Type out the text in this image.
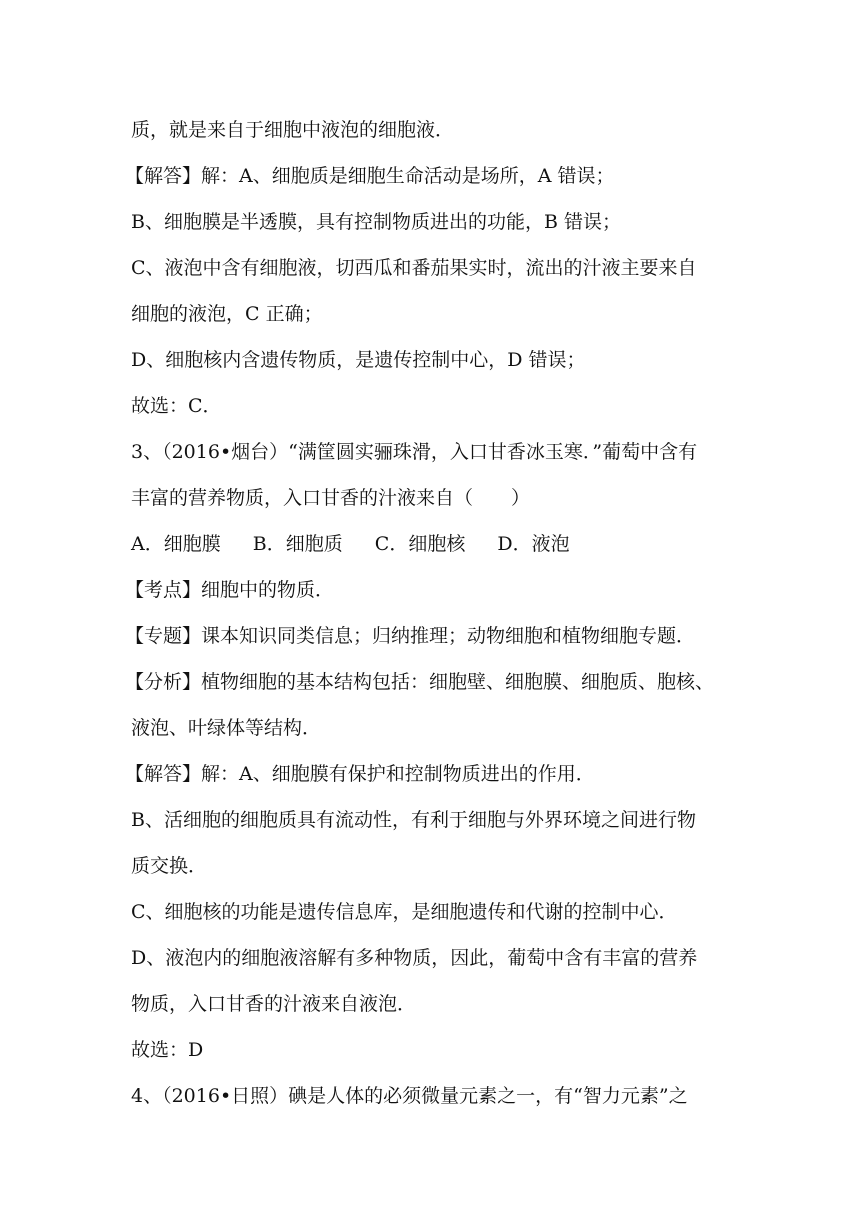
质，就是来自于细胞中液泡的细胞液．
【解答】解：A、细胞质是细胞生命活动是场所，A 错误；
B、细胞膜是半透膜，具有控制物质进出的功能，B 错误；
C、液泡中含有细胞液，切西瓜和番茄果实时，流出的汁液主要来自
细胞的液泡，C 正确；
D、细胞核内含遗传物质，是遗传控制中心，D 错误；
故选：C．
3、（2016•烟台）“满筐圆实骊珠滑，入口甘香冰玉寒．”葡萄中含有
丰富的营养物质，入口甘香的汁液来自（　　）
A．细胞膜 B．细胞质 C．细胞核 D．液泡
【考点】细胞中的物质．
【专题】课本知识同类信息；归纳推理；动物细胞和植物细胞专题．
【分析】植物细胞的基本结构包括：细胞壁、细胞膜、细胞质、胞核、
液泡、叶绿体等结构．
【解答】解：A、细胞膜有保护和控制物质进出的作用．
B、活细胞的细胞质具有流动性，有利于细胞与外界环境之间进行物
质交换．
C、细胞核的功能是遗传信息库，是细胞遗传和代谢的控制中心．
D、液泡内的细胞液溶解有多种物质，因此，葡萄中含有丰富的营养
物质，入口甘香的汁液来自液泡．
故选：D
4、（2016•日照）碘是人体的必须微量元素之一，有“智力元素”之
